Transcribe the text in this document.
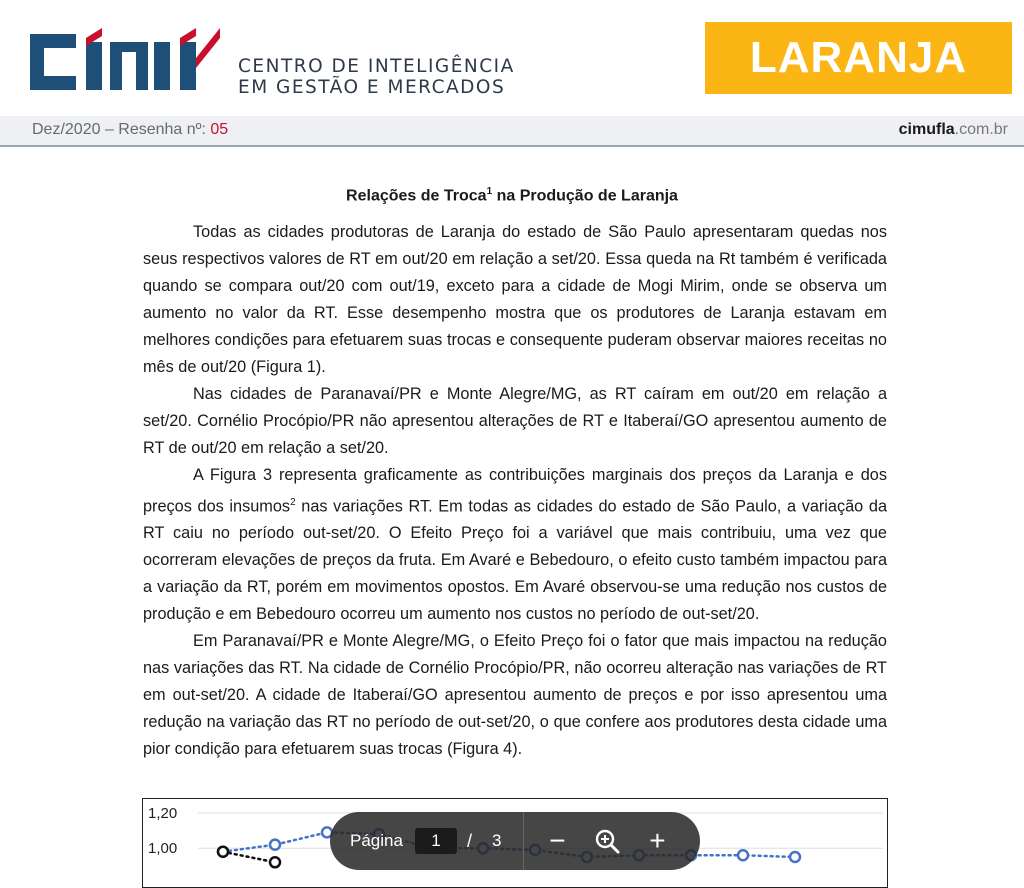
CENTRO DE INTELIGÊNCIA
EM GESTÃO E MERCADOS
LARANJA
Dez/2020 – Resenha nº: 05	cimufla.com.br
Relações de Troca$^1$ na Produção de Laranja

Todas as cidades produtoras de Laranja do estado de São Paulo apresentaram quedas nos seus respectivos valores de RT em out/20 em relação a set/20. Essa queda na Rt também é verificada quando se compara out/20 com out/19, exceto para a cidade de Mogi Mirim, onde se observa um aumento no valor da RT. Esse desempenho mostra que os produtores de Laranja estavam em melhores condições para efetuarem suas trocas e consequente puderam observar maiores receitas no mês de out/20 (Figura 1).

Nas cidades de Paranavaí/PR e Monte Alegre/MG, as RT caíram em out/20 em relação a set/20. Cornélio Procópio/PR não apresentou alterações de RT e Itaberaí/GO apresentou aumento de RT de out/20 em relação a set/20.

A Figura 3 representa graficamente as contribuições marginais dos preços da Laranja e dos preços dos insumos$^2$ nas variações RT. Em todas as cidades do estado de São Paulo, a variação da RT caiu no período out-set/20. O Efeito Preço foi a variável que mais contribuiu, uma vez que ocorreram elevações de preços da fruta. Em Avaré e Bebedouro, o efeito custo também impactou para a variação da RT, porém em movimentos opostos. Em Avaré observou-se uma redução nos custos de produção e em Bebedouro ocorreu um aumento nos custos no período de out-set/20.

Em Paranavaí/PR e Monte Alegre/MG, o Efeito Preço foi o fator que mais impactou na redução nas variações das RT. Na cidade de Cornélio Procópio/PR, não ocorreu alteração nas variações de RT em out-set/20. A cidade de Itaberaí/GO apresentou aumento de preços e por isso apresentou uma redução na variação das RT no período de out-set/20, o que confere aos produtores desta cidade uma pior condição para efetuarem suas trocas (Figura 4).

1,20
1,00	Página	1	/ 3	−	+
